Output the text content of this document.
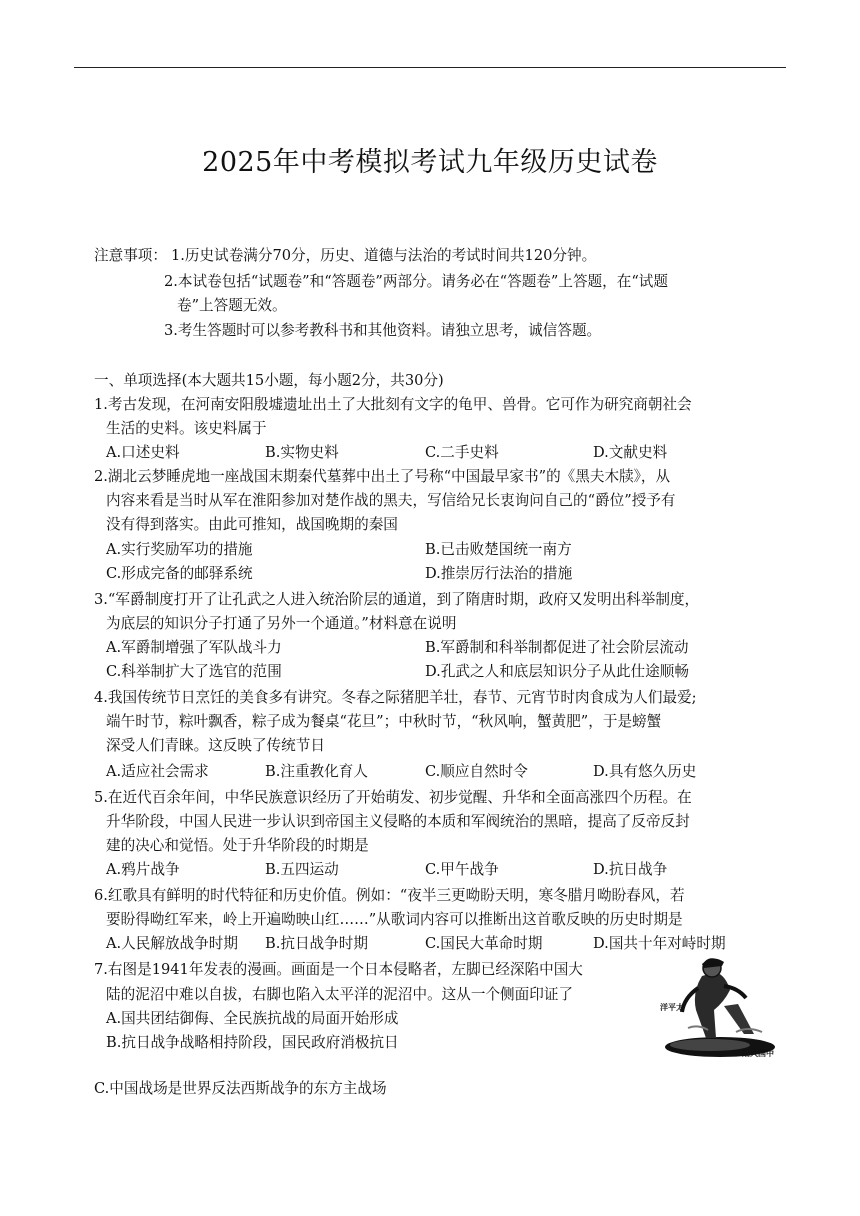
2025年中考模拟考试九年级历史试卷
注意事项： 1.历史试卷满分70分，历史、道德与法治的考试时间共120分钟。
2.本试卷包括“试题卷”和“答题卷”两部分。请务必在“答题卷”上答题，在“试题
卷”上答题无效。
3.考生答题时可以参考教科书和其他资料。请独立思考，诚信答题。
一、单项选择(本大题共15小题，每小题2分，共30分)
1.考古发现，在河南安阳殷墟遗址出土了大批刻有文字的龟甲、兽骨。它可作为研究商朝社会
生活的史料。该史料属于
A.口述史料	B.实物史料	C.二手史料	D.文献史料
2.湖北云梦睡虎地一座战国末期秦代墓葬中出土了号称“中国最早家书”的《黑夫木牍》，从
内容来看是当时从军在淮阳参加对楚作战的黑夫，写信给兄长衷询问自己的“爵位”授予有
没有得到落实。由此可推知，战国晚期的秦国
A.实行奖励军功的措施	B.已击败楚国统一南方
C.形成完备的邮驿系统	D.推崇厉行法治的措施
3.“军爵制度打开了让孔武之人进入统治阶层的通道，到了隋唐时期，政府又发明出科举制度，
为底层的知识分子打通了另外一个通道。”材料意在说明
A.军爵制增强了军队战斗力	B.军爵制和科举制都促进了社会阶层流动
C.科举制扩大了选官的范围	D.孔武之人和底层知识分子从此仕途顺畅
4.我国传统节日烹饪的美食多有讲究。冬春之际猪肥羊壮，春节、元宵节时肉食成为人们最爱;
端午时节，粽叶飘香，粽子成为餐桌“花旦”；中秋时节，“秋风响，蟹黄肥”，于是螃蟹
深受人们青睐。这反映了传统节日
A.适应社会需求	B.注重教化育人	C.顺应自然时令	D.具有悠久历史
5.在近代百余年间，中华民族意识经历了开始萌发、初步觉醒、升华和全面高涨四个历程。在
升华阶段，中国人民进一步认识到帝国主义侵略的本质和军阀统治的黑暗，提高了反帝反封
建的决心和觉悟。处于升华阶段的时期是
A.鸦片战争	B.五四运动	C.甲午战争	D.抗日战争
6.红歌具有鲜明的时代特征和历史价值。例如：“夜半三更呦盼天明，寒冬腊月呦盼春风，若
要盼得呦红军来，岭上开遍呦映山红……”从歌词内容可以推断出这首歌反映的历史时期是
A.人民解放战争时期 B.抗日战争时期	C.国民大革命时期	D.国共十年对峙时期
7.右图是1941年发表的漫画。画面是一个日本侵略者，左脚已经深陷中国大
陆的泥沼中难以自拔，右脚也陷入太平洋的泥沼中。这从一个侧面印证了
A.国共团结御侮、全民族抗战的局面开始形成
B.抗日战争战略相持阶段，国民政府消极抗日
C.中国战场是世界反法西斯战争的东方主战场
洋平太
陆大国中
